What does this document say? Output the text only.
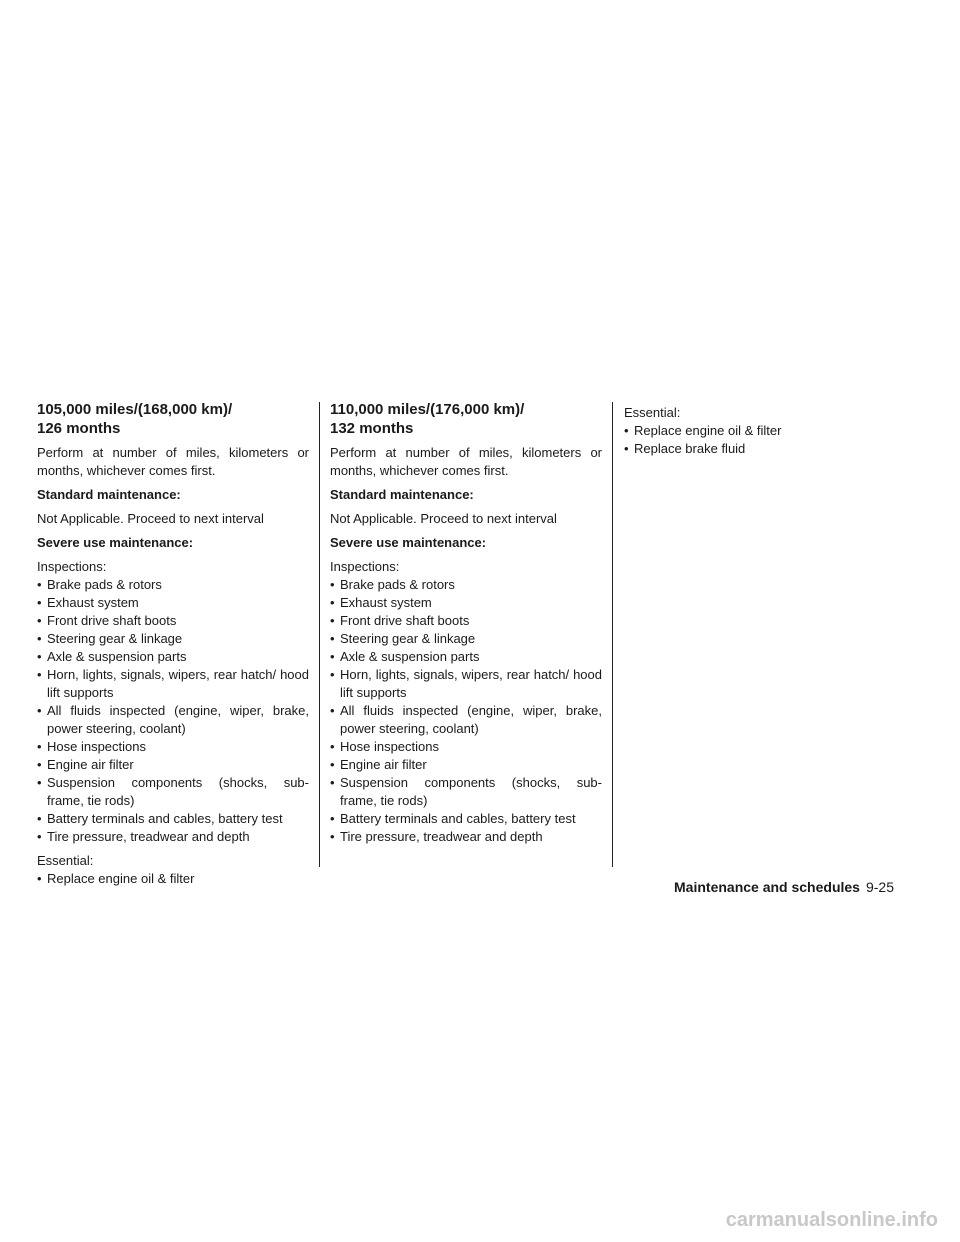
105,000 miles/(168,000 km)/
126 months

Perform at number of miles, kilometers or months, whichever comes first.

Standard maintenance:

Not Applicable. Proceed to next interval

Severe use maintenance:

Inspections:

• Brake pads & rotors
• Exhaust system
• Front drive shaft boots
• Steering gear & linkage
• Axle & suspension parts
• Horn, lights, signals, wipers, rear hatch/ hood lift supports
• All fluids inspected (engine, wiper, brake, power steering, coolant)
• Hose inspections
• Engine air filter
• Suspension components (shocks, sub- frame, tie rods)
• Battery terminals and cables, battery test
• Tire pressure, treadwear and depth

Essential:

• Replace engine oil & filter
110,000 miles/(176,000 km)/
132 months

Perform at number of miles, kilometers or months, whichever comes first.

Standard maintenance:

Not Applicable. Proceed to next interval

Severe use maintenance:

Inspections:

• Brake pads & rotors
• Exhaust system
• Front drive shaft boots
• Steering gear & linkage
• Axle & suspension parts
• Horn, lights, signals, wipers, rear hatch/ hood lift supports
• All fluids inspected (engine, wiper, brake, power steering, coolant)
• Hose inspections
• Engine air filter
• Suspension components (shocks, sub- frame, tie rods)
• Battery terminals and cables, battery test
• Tire pressure, treadwear and depth

Essential:

• Replace engine oil & filter
• Replace brake fluid
Maintenance and schedules 9-25
carmanualsonline.info
